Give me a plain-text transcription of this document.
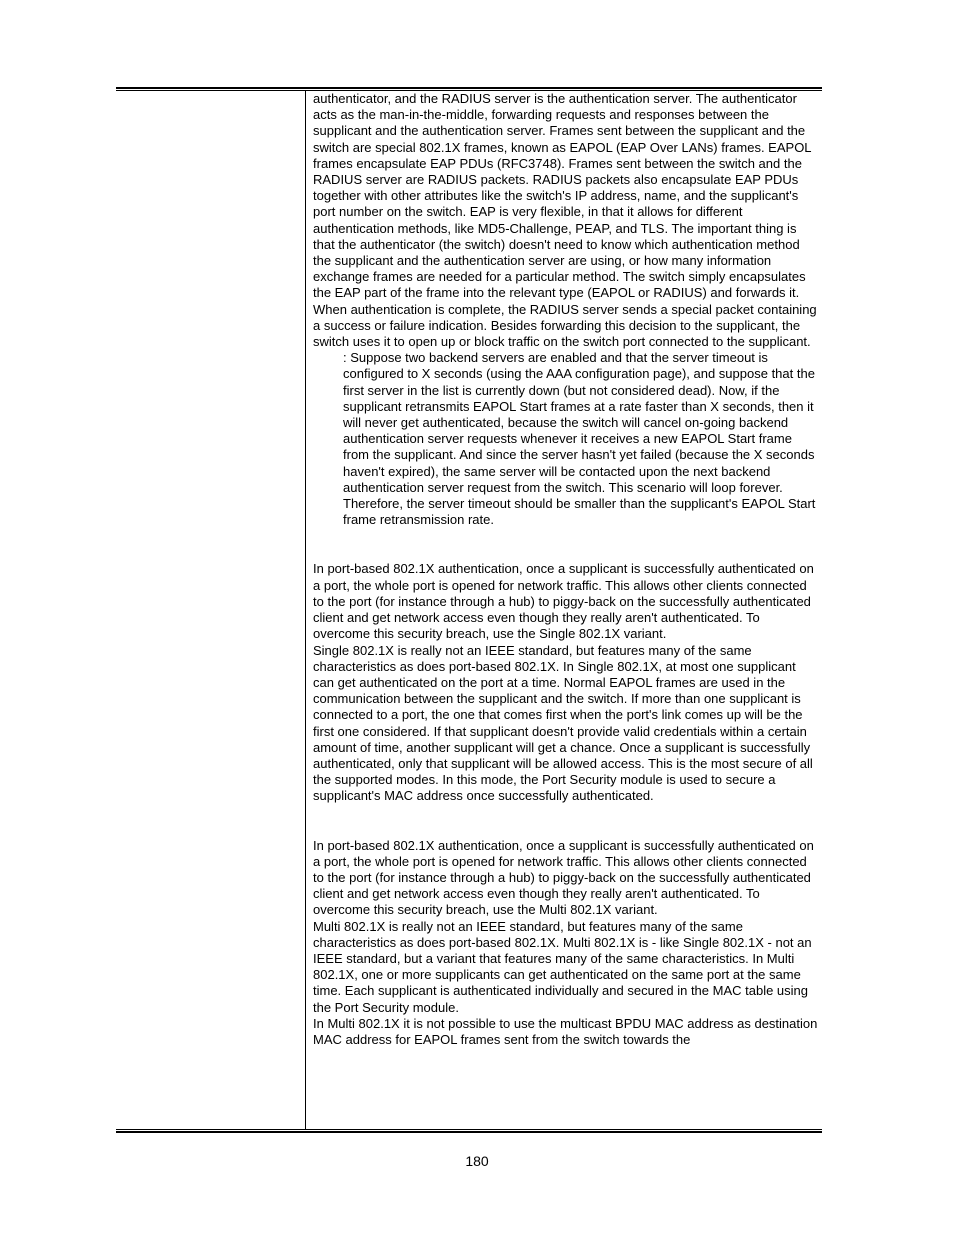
authenticator, and the RADIUS server is the authentication server. The authenticator acts as the man-in-the-middle, forwarding requests and responses between the supplicant and the authentication server. Frames sent between the supplicant and the switch are special 802.1X frames, known as EAPOL (EAP Over LANs) frames. EAPOL frames encapsulate EAP PDUs (RFC3748). Frames sent between the switch and the RADIUS server are RADIUS packets. RADIUS packets also encapsulate EAP PDUs together with other attributes like the switch's IP address, name, and the supplicant's port number on the switch. EAP is very flexible, in that it allows for different authentication methods, like MD5-Challenge, PEAP, and TLS. The important thing is that the authenticator (the switch) doesn't need to know which authentication method the supplicant and the authentication server are using, or how many information exchange frames are needed for a particular method. The switch simply encapsulates the EAP part of the frame into the relevant type (EAPOL or RADIUS) and forwards it. When authentication is complete, the RADIUS server sends a special packet containing a success or failure indication. Besides forwarding this decision to the supplicant, the switch uses it to open up or block traffic on the switch port connected to the supplicant.

: Suppose two backend servers are enabled and that the server timeout is configured to X seconds (using the AAA configuration page), and suppose that the first server in the list is currently down (but not considered dead). Now, if the supplicant retransmits EAPOL Start frames at a rate faster than X seconds, then it will never get authenticated, because the switch will cancel on-going backend authentication server requests whenever it receives a new EAPOL Start frame from the supplicant. And since the server hasn't yet failed (because the X seconds haven't expired), the same server will be contacted upon the next backend authentication server request from the switch. This scenario will loop forever. Therefore, the server timeout should be smaller than the supplicant's EAPOL Start frame retransmission rate.

In port-based 802.1X authentication, once a supplicant is successfully authenticated on a port, the whole port is opened for network traffic. This allows other clients connected to the port (for instance through a hub) to piggy-back on the successfully authenticated client and get network access even though they really aren't authenticated. To overcome this security breach, use the Single 802.1X variant.

Single 802.1X is really not an IEEE standard, but features many of the same characteristics as does port-based 802.1X. In Single 802.1X, at most one supplicant can get authenticated on the port at a time. Normal EAPOL frames are used in the communication between the supplicant and the switch. If more than one supplicant is connected to a port, the one that comes first when the port's link comes up will be the first one considered. If that supplicant doesn't provide valid credentials within a certain amount of time, another supplicant will get a chance. Once a supplicant is successfully authenticated, only that supplicant will be allowed access. This is the most secure of all the supported modes. In this mode, the Port Security module is used to secure a supplicant's MAC address once successfully authenticated.

In port-based 802.1X authentication, once a supplicant is successfully authenticated on a port, the whole port is opened for network traffic. This allows other clients connected to the port (for instance through a hub) to piggy-back on the successfully authenticated client and get network access even though they really aren't authenticated. To overcome this security breach, use the Multi 802.1X variant.

Multi 802.1X is really not an IEEE standard, but features many of the same characteristics as does port-based 802.1X. Multi 802.1X is - like Single 802.1X - not an IEEE standard, but a variant that features many of the same characteristics. In Multi 802.1X, one or more supplicants can get authenticated on the same port at the same time. Each supplicant is authenticated individually and secured in the MAC table using the Port Security module.

In Multi 802.1X it is not possible to use the multicast BPDU MAC address as destination MAC address for EAPOL frames sent from the switch towards the

180
